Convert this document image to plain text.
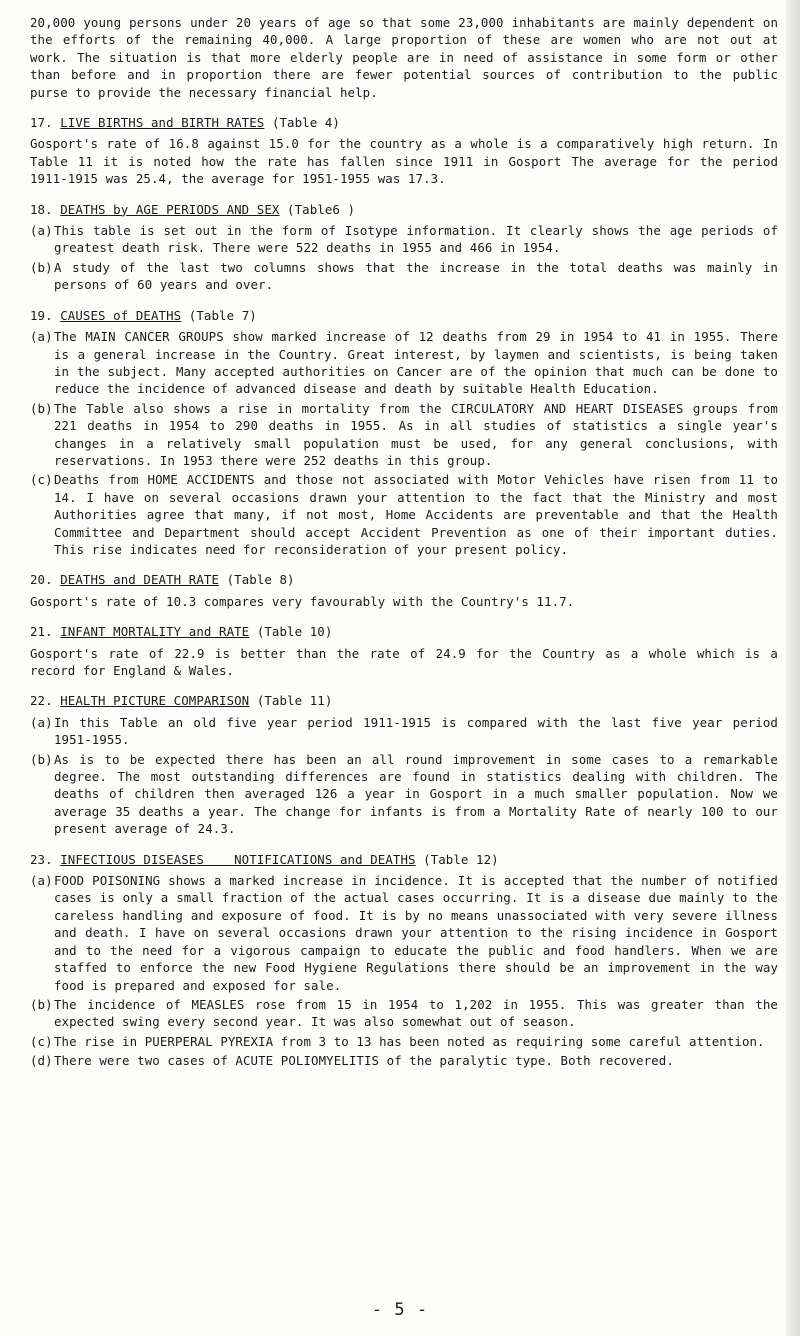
20,000 young persons under 20 years of age so that some 23,000 inhabitants are mainly dependent on the efforts of the remaining 40,000. A large proportion of these are women who are not out at work. The situation is that more elderly people are in need of assistance in some form or other than before and in proportion there are fewer potential sources of contribution to the public purse to provide the necessary financial help.

17. LIVE BIRTHS and BIRTH RATES (Table 4)

Gosport's rate of 16.8 against 15.0 for the country as a whole is a comparatively high return. In Table 11 it is noted how the rate has fallen since 1911 in Gosport The average for the period 1911-1915 was 25.4, the average for 1951-1955 was 17.3.

18. DEATHS by AGE PERIODS AND SEX (Table6 )

(a) This table is set out in the form of Isotype information. It clearly shows the age periods of greatest death risk. There were 522 deaths in 1955 and 466 in 1954.
(b) A study of the last two columns shows that the increase in the total deaths was mainly in persons of 60 years and over.

19. CAUSES of DEATHS (Table 7)

(a) The MAIN CANCER GROUPS show marked increase of 12 deaths from 29 in 1954 to 41 in 1955. There is a general increase in the Country. Great interest, by laymen and scientists, is being taken in the subject. Many accepted authorities on Cancer are of the opinion that much can be done to reduce the incidence of advanced disease and death by suitable Health Education.
(b) The Table also shows a rise in mortality from the CIRCULATORY AND HEART DISEASES groups from 221 deaths in 1954 to 290 deaths in 1955. As in all studies of statistics a single year's changes in a relatively small population must be used, for any general conclusions, with reservations. In 1953 there were 252 deaths in this group.
(c) Deaths from HOME ACCIDENTS and those not associated with Motor Vehicles have risen from 11 to 14. I have on several occasions drawn your attention to the fact that the Ministry and most Authorities agree that many, if not most, Home Accidents are preventable and that the Health Committee and Department should accept Accident Prevention as one of their important duties. This rise indicates need for reconsideration of your present policy.

20. DEATHS and DEATH RATE (Table 8)

Gosport's rate of 10.3 compares very favourably with the Country's 11.7.

21. INFANT MORTALITY and RATE (Table 10)

Gosport's rate of 22.9 is better than the rate of 24.9 for the Country as a whole which is a record for England & Wales.

22. HEALTH PICTURE COMPARISON (Table 11)

(a) In this Table an old five year period 1911-1915 is compared with the last five year period 1951-1955.
(b) As is to be expected there has been an all round improvement in some cases to a remarkable degree. The most outstanding differences are found in statistics dealing with children. The deaths of children then averaged 126 a year in Gosport in a much smaller population. Now we average 35 deaths a year. The change for infants is from a Mortality Rate of nearly 100 to our present average of 24.3.

23. INFECTIOUS DISEASES    NOTIFICATIONS and DEATHS (Table 12)

(a) FOOD POISONING shows a marked increase in incidence. It is accepted that the number of notified cases is only a small fraction of the actual cases occurring. It is a disease due mainly to the careless handling and exposure of food. It is by no means unassociated with very severe illness and death. I have on several occasions drawn your attention to the rising incidence in Gosport and to the need for a vigorous campaign to educate the public and food handlers. When we are staffed to enforce the new Food Hygiene Regulations there should be an improvement in the way food is prepared and exposed for sale.
(b) The incidence of MEASLES rose from 15 in 1954 to 1,202 in 1955. This was greater than the expected swing every second year. It was also somewhat out of season.
(c) The rise in PUERPERAL PYREXIA from 3 to 13 has been noted as requiring some careful attention.
(d) There were two cases of ACUTE POLIOMYELITIS of the paralytic type. Both recovered.
- 5 -
